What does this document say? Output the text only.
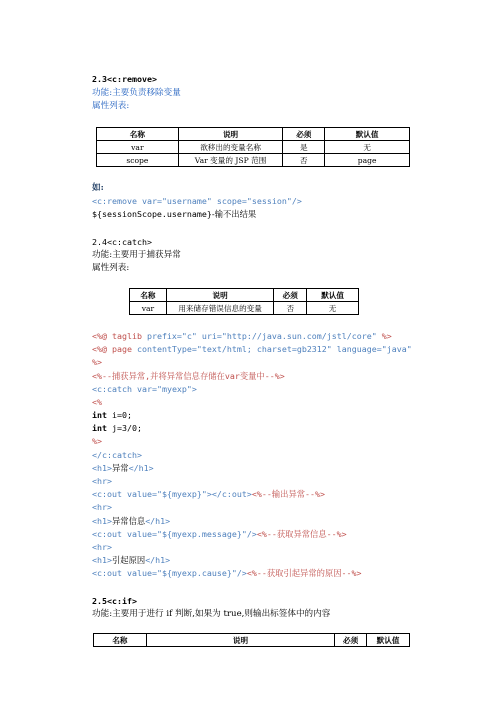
2.3<c:remove>
功能:主要负责移除变量
属性列表:
名称	说明	必须	默认值
var	欲移出的变量名称	是	无
scope	Var 变量的 JSP 范围	否	page
如:
<c:remove var="username" scope="session"/>
${sessionScope.username}-输不出结果
2.4<c:catch>
功能:主要用于捕获异常
属性列表:
名称	说明	必须	默认值
var	用来储存错误信息的变量	否	无
<%@ taglib prefix="c" uri="http://java.sun.com/jstl/core" %>
<%@ page contentType="text/html; charset=gb2312" language="java"
%>
<%--捕获异常,并将异常信息存储在var变量中--%>
<c:catch var="myexp">
<%
int i=0;
int j=3/0;
%>
</c:catch>
<h1>异常</h1>
<hr>
<c:out value="${myexp}"></c:out><%--输出异常--%>
<hr>
<h1>异常信息</h1>
<c:out value="${myexp.message}"/><%--获取异常信息--%>
<hr>
<h1>引起原因</h1>
<c:out value="${myexp.cause}"/><%--获取引起异常的原因--%>
2.5<c:if>
功能:主要用于进行 if 判断,如果为 true,则输出标签体中的内容
名称	说明	必须	默认值
